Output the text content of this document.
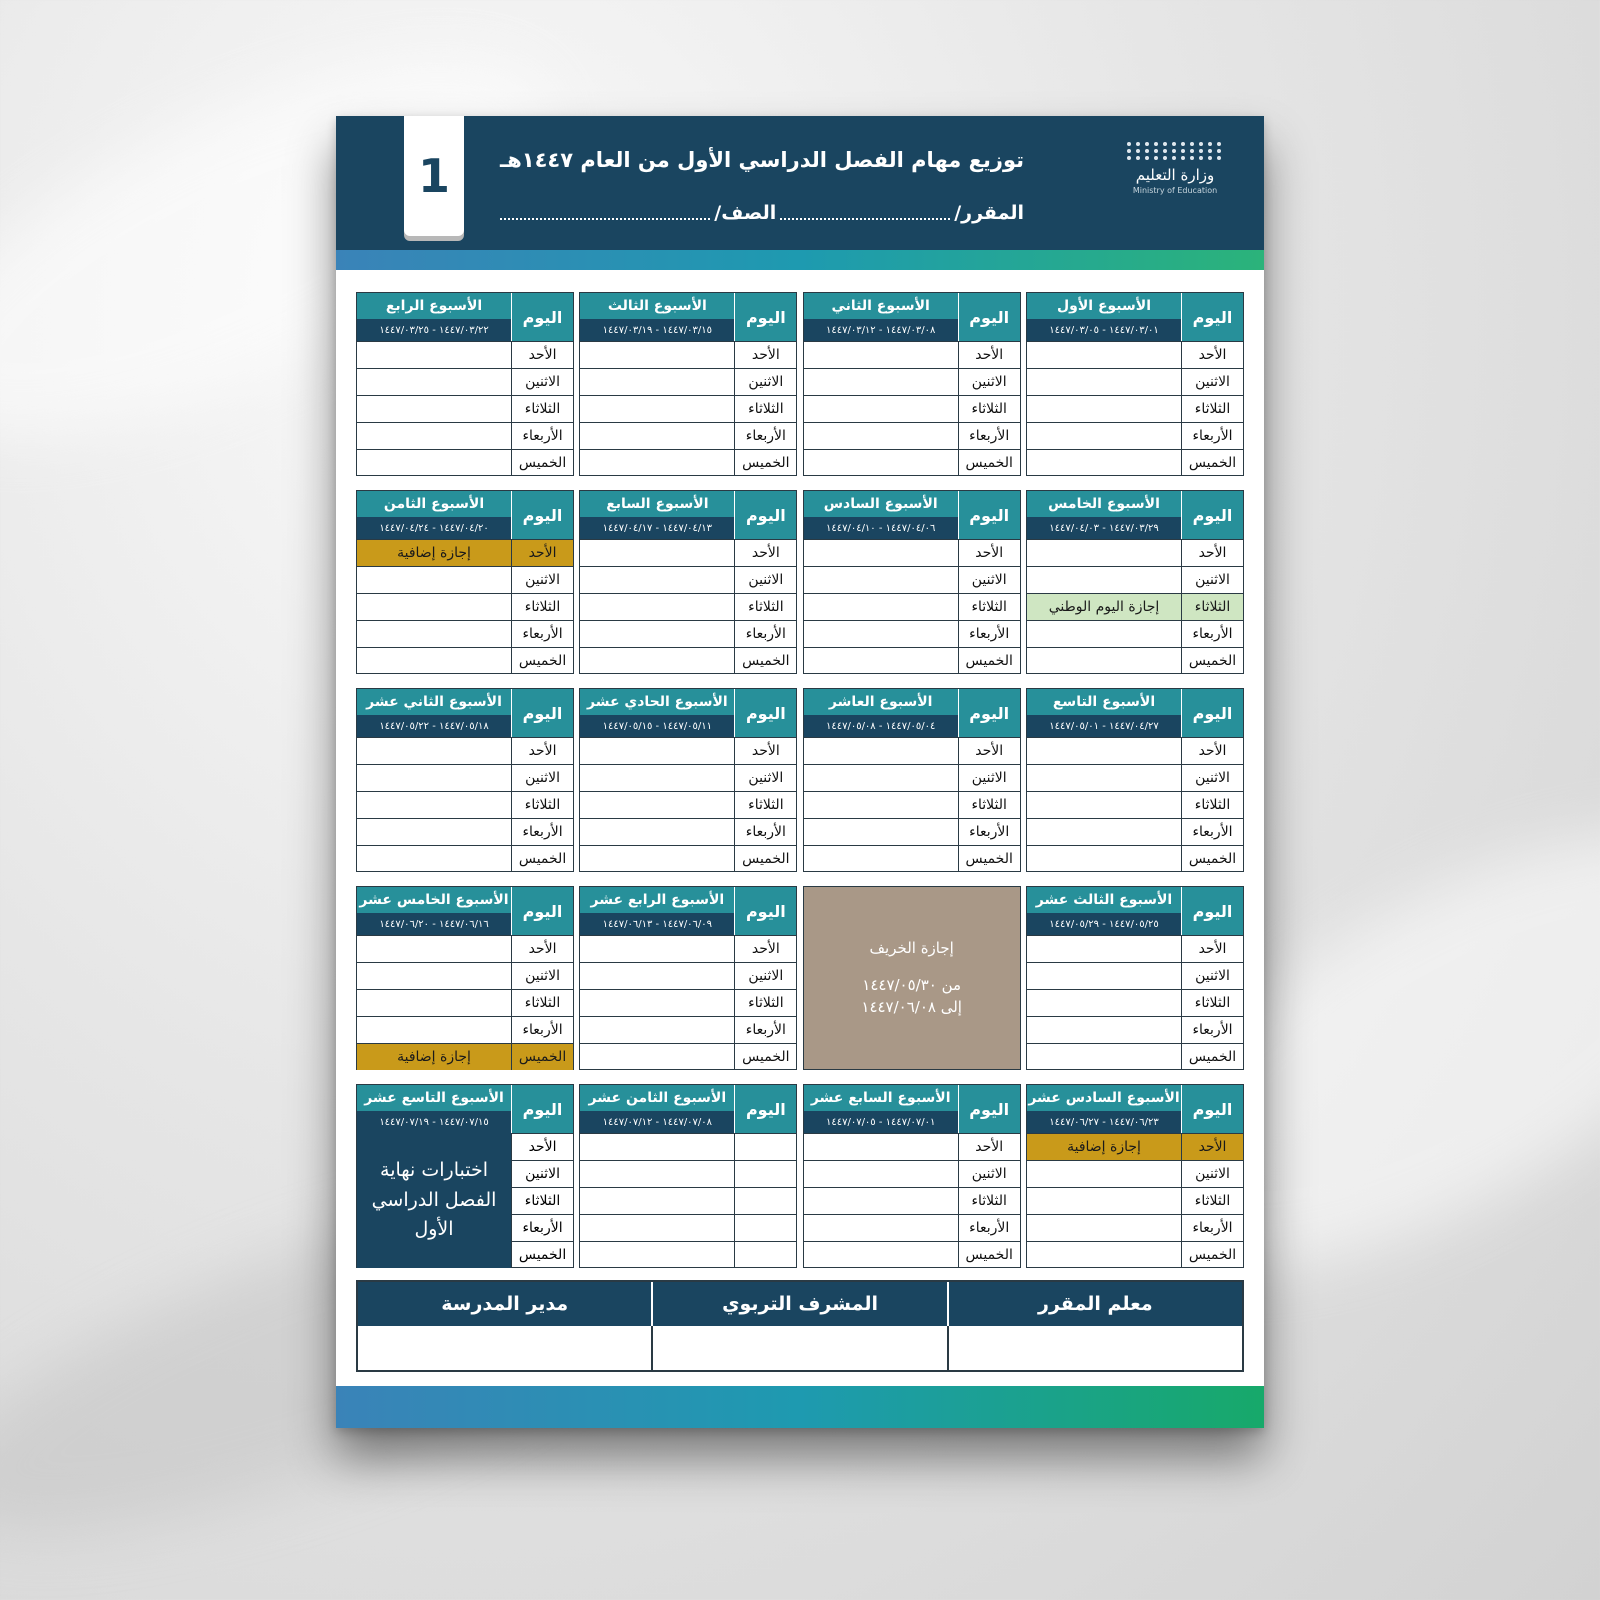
1	توزيع مهام الفصل الدراسي الأول من العام ١٤٤٧هـ
المقرر/
الصف/
وزارة التعليم
Ministry of Education
اليوم
الأسبوع الأول
١٤٤٧/٠٣/٠١ - ١٤٤٧/٠٣/٠٥
الأحد
الاثنين
الثلاثاء
الأربعاء
الخميس
اليوم
الأسبوع الثاني
١٤٤٧/٠٣/٠٨ - ١٤٤٧/٠٣/١٢
الأحد
الاثنين
الثلاثاء
الأربعاء
الخميس
اليوم
الأسبوع الثالث
١٤٤٧/٠٣/١٥ - ١٤٤٧/٠٣/١٩
الأحد
الاثنين
الثلاثاء
الأربعاء
الخميس
اليوم
الأسبوع الرابع
١٤٤٧/٠٣/٢٢ - ١٤٤٧/٠٣/٢٥
الأحد
الاثنين
الثلاثاء
الأربعاء
الخميس
اليوم
الأسبوع الخامس
١٤٤٧/٠٣/٢٩ - ١٤٤٧/٠٤/٠٣
الأحد
الاثنين
الثلاثاء
إجازة اليوم الوطني
الأربعاء
الخميس
اليوم
الأسبوع السادس
١٤٤٧/٠٤/٠٦ - ١٤٤٧/٠٤/١٠
الأحد
الاثنين
الثلاثاء
الأربعاء
الخميس
اليوم
الأسبوع السابع
١٤٤٧/٠٤/١٣ - ١٤٤٧/٠٤/١٧
الأحد
الاثنين
الثلاثاء
الأربعاء
الخميس
اليوم
الأسبوع الثامن
١٤٤٧/٠٤/٢٠ - ١٤٤٧/٠٤/٢٤
الأحد
إجازة إضافية
الاثنين
الثلاثاء
الأربعاء
الخميس
اليوم
الأسبوع التاسع
١٤٤٧/٠٤/٢٧ - ١٤٤٧/٠٥/٠١
الأحد
الاثنين
الثلاثاء
الأربعاء
الخميس
اليوم
الأسبوع العاشر
١٤٤٧/٠٥/٠٤ - ١٤٤٧/٠٥/٠٨
الأحد
الاثنين
الثلاثاء
الأربعاء
الخميس
اليوم
الأسبوع الحادي عشر
١٤٤٧/٠٥/١١ - ١٤٤٧/٠٥/١٥
الأحد
الاثنين
الثلاثاء
الأربعاء
الخميس
اليوم
الأسبوع الثاني عشر
١٤٤٧/٠٥/١٨ - ١٤٤٧/٠٥/٢٢
الأحد
الاثنين
الثلاثاء
الأربعاء
الخميس
اليوم
الأسبوع الثالث عشر
١٤٤٧/٠٥/٢٥ - ١٤٤٧/٠٥/٢٩
الأحد
الاثنين
الثلاثاء
الأربعاء
الخميس
إجازة الخريف
من ١٤٤٧/٠٥/٣٠
إلى ١٤٤٧/٠٦/٠٨
اليوم
الأسبوع الرابع عشر
١٤٤٧/٠٦/٠٩ - ١٤٤٧/٠٦/١٣
الأحد
الاثنين
الثلاثاء
الأربعاء
الخميس
اليوم
الأسبوع الخامس عشر
١٤٤٧/٠٦/١٦ - ١٤٤٧/٠٦/٢٠
الأحد
الاثنين
الثلاثاء
الأربعاء
الخميس
إجازة إضافية
اليوم
الأسبوع السادس عشر
١٤٤٧/٠٦/٢٣ - ١٤٤٧/٠٦/٢٧
الأحد
إجازة إضافية
الاثنين
الثلاثاء
الأربعاء
الخميس
اليوم
الأسبوع السابع عشر
١٤٤٧/٠٧/٠١ - ١٤٤٧/٠٧/٠٥
الأحد
الاثنين
الثلاثاء
الأربعاء
الخميس
اليوم
الأسبوع الثامن عشر
١٤٤٧/٠٧/٠٨ - ١٤٤٧/٠٧/١٢
اليوم
الأسبوع التاسع عشر
١٤٤٧/٠٧/١٥ - ١٤٤٧/٠٧/١٩
الأحد
الاثنين
الثلاثاء
الأربعاء
الخميس
اختبارات نهاية الفصل الدراسي الأول
معلم المقرر
المشرف التربوي
مدير المدرسة
